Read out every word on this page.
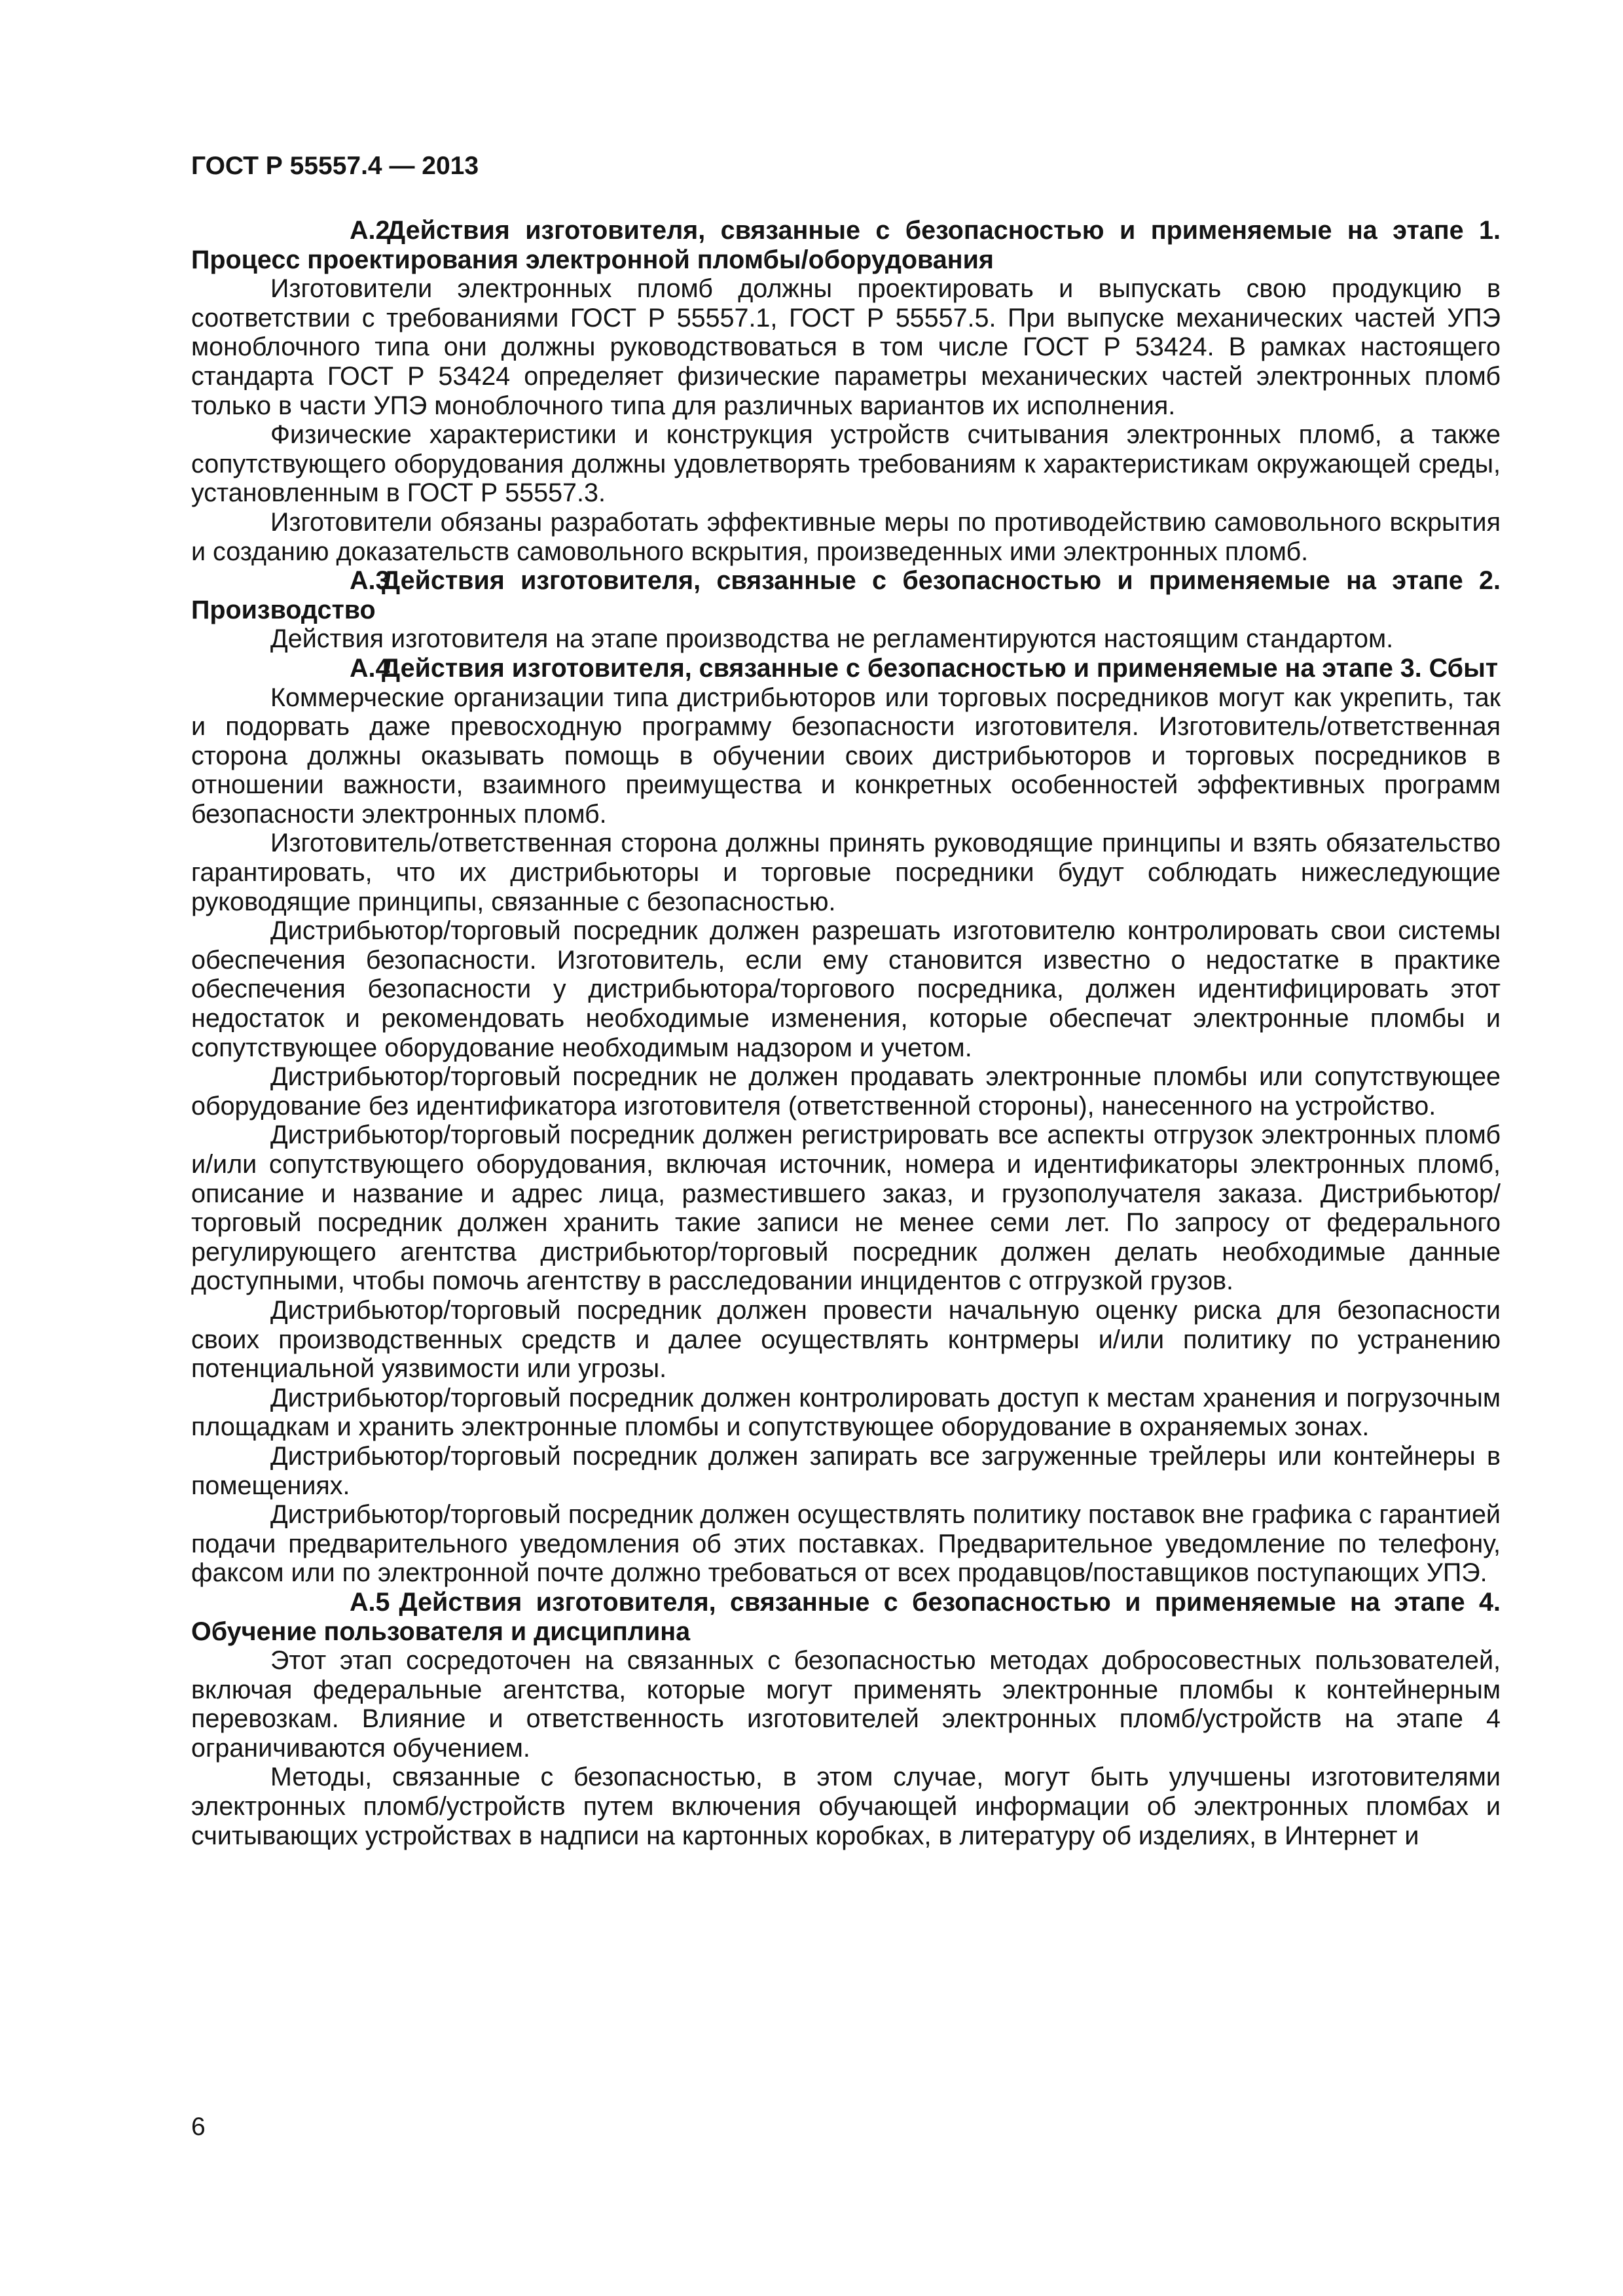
ГОСТ Р 55557.4 — 2013

А.2Действия изготовителя, связанные с безопасностью и применяемые на этапе 1. Процесс проектирования электронной пломбы/оборудования

Изготовители электронных пломб должны проектировать и выпускать свою продукцию в соответствии с требованиями ГОСТ Р 55557.1, ГОСТ Р 55557.5. При выпуске механических частей УПЭ моноблочного типа они должны руководствоваться в том числе ГОСТ Р 53424. В рамках настоящего стандарта ГОСТ Р 53424 определяет физические параметры механических частей электронных пломб только в части УПЭ моноблочного типа для различных вариантов их исполнения.

Физические характеристики и конструкция устройств считывания электронных пломб, а также сопутствующего оборудования должны удовлетворять требованиям к характеристикам окружающей среды, установленным в ГОСТ Р 55557.3.

Изготовители обязаны разработать эффективные меры по противодействию самовольного вскрытия и созданию доказательств самовольного вскрытия, произведенных ими электронных пломб.

А.3Действия изготовителя, связанные с безопасностью и применяемые на этапе 2. Производство

Действия изготовителя на этапе производства не регламентируются настоящим стандартом.

А.4Действия изготовителя, связанные с безопасностью и применяемые на этапе 3. Сбыт

Коммерческие организации типа дистрибьюторов или торговых посредников могут как укрепить, так и подорвать даже превосходную программу безопасности изготовителя. Изготовитель/ответственная сторона должны оказывать помощь в обучении своих дистрибьюторов и торговых посредников в отношении важности, взаимного преимущества и конкретных особенностей эффективных программ безопасности электронных пломб.

Изготовитель/ответственная сторона должны принять руководящие принципы и взять обязательство гарантировать, что их дистрибьюторы и торговые посредники будут соблюдать нижеследующие руководящие принципы, связанные с безопасностью.

Дистрибьютор/торговый посредник должен разрешать изготовителю контролировать свои системы обеспечения безопасности. Изготовитель, если ему становится известно о недостатке в практике обеспечения безопасности у дистрибьютора/торгового посредника, должен идентифицировать этот недостаток и рекомендовать необходимые изменения, которые обеспечат электронные пломбы и сопутствующее оборудование необходимым надзором и учетом.

Дистрибьютор/торговый посредник не должен продавать электронные пломбы или сопутствующее оборудование без идентификатора изготовителя (ответственной стороны), нанесенного на устройство.

Дистрибьютор/торговый посредник должен регистрировать все аспекты отгрузок электронных пломб и/или сопутствующего оборудования, включая источник, номера и идентификаторы электронных пломб, описание и название и адрес лица, разместившего заказ, и грузополучателя заказа. Дистрибьютор/торговый посредник должен хранить такие записи не менее семи лет. По запросу от федерального регулирующего агентства дистрибьютор/торговый посредник должен делать необходимые данные доступными, чтобы помочь агентству в расследовании инцидентов с отгрузкой грузов.

Дистрибьютор/торговый посредник должен провести начальную оценку риска для безопасности своих производственных средств и далее осуществлять контрмеры и/или политику по устранению потенциальной уязвимости или угрозы.

Дистрибьютор/торговый посредник должен контролировать доступ к местам хранения и погрузочным площадкам и хранить электронные пломбы и сопутствующее оборудование в охраняемых зонах.

Дистрибьютор/торговый посредник должен запирать все загруженные трейлеры или контейнеры в помещениях.

Дистрибьютор/торговый посредник должен осуществлять политику поставок вне графика с гарантией подачи предварительного уведомления об этих поставках. Предварительное уведомление по телефону, факсом или по электронной почте должно требоваться от всех продавцов/поставщиков поступающих УПЭ.

А.5 Действия изготовителя, связанные с безопасностью и применяемые на этапе 4. Обучение пользователя и дисциплина

Этот этап сосредоточен на связанных с безопасностью методах добросовестных пользователей, включая федеральные агентства, которые могут применять электронные пломбы к контейнерным перевозкам. Влияние и ответственность изготовителей электронных пломб/устройств на этапе 4 ограничиваются обучением.

Методы, связанные с безопасностью, в этом случае, могут быть улучшены изготовителями электронных пломб/устройств путем включения обучающей информации об электронных пломбах и считывающих устройствах в надписи на картонных коробках, в литературу об изделиях, в Интернет и

6
